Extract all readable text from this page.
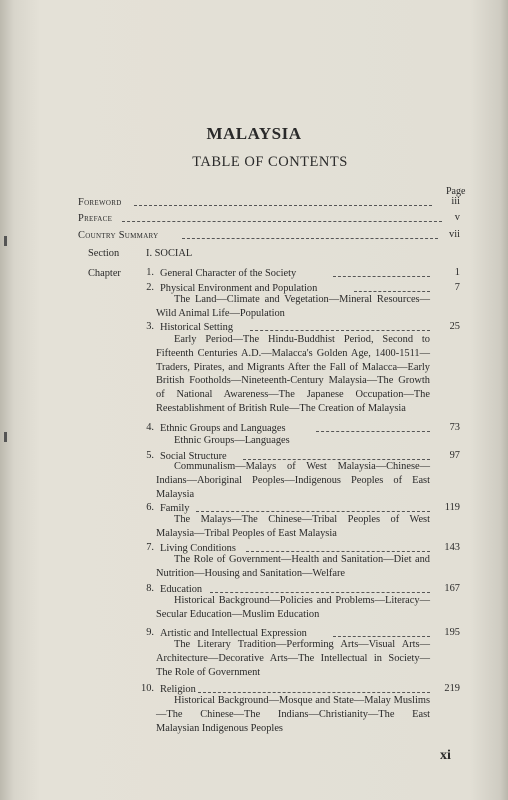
MALAYSIA
TABLE OF CONTENTS
Page
Foreword	iii
Preface	v
Country Summary	vii
Section	I. SOCIAL
Chapter	1. General Character of the Society	1
2. Physical Environment and Population	7
The Land—Climate and Vegetation—Mineral Resources—Wild Animal Life—Population
3. Historical Setting	25
Early Period—The Hindu-Buddhist Period, Second to Fifteenth Centuries A.D.—Malacca's Golden Age, 1400-1511—Traders, Pirates, and Migrants After the Fall of Malacca—Early British Footholds—Nineteenth-Century Malaysia—The Growth of National Awareness—The Japanese Occupation—The Reestablishment of British Rule—The Creation of Malaysia
4. Ethnic Groups and Languages	73
Ethnic Groups—Languages
5. Social Structure	97
Communalism—Malays of West Malaysia—Chinese—Indians—Aboriginal Peoples—Indigenous Peoples of East Malaysia
6. Family	119
The Malays—The Chinese—Tribal Peoples of West Malaysia—Tribal Peoples of East Malaysia
7. Living Conditions	143
The Role of Government—Health and Sanitation—Diet and Nutrition—Housing and Sanitation—Welfare
8. Education	167
Historical Background—Policies and Problems—Literacy—Secular Education—Muslim Education
9. Artistic and Intellectual Expression	195
The Literary Tradition—Performing Arts—Visual Arts—Architecture—Decorative Arts—The Intellectual in Society—The Role of Government
10. Religion	219
Historical Background—Mosque and State—Malay Muslims—The Chinese—The Indians—Christianity—The East Malaysian Indigenous Peoples
xi
